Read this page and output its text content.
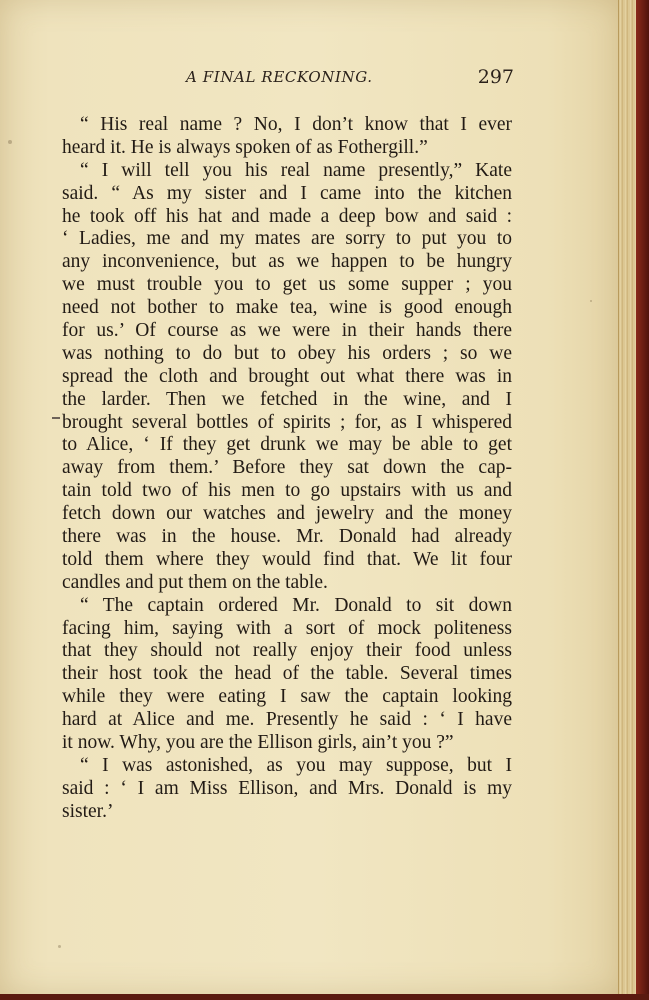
A FINAL RECKONING.	297
“ His real name ? No, I don’t know that I ever
heard it. He is always spoken of as Fothergill.”
“ I will tell you his real name presently,” Kate
said. “ As my sister and I came into the kitchen
he took off his hat and made a deep bow and said :
‘ Ladies, me and my mates are sorry to put you to
any inconvenience, but as we happen to be hungry
we must trouble you to get us some supper ; you
need not bother to make tea, wine is good enough
for us.’ Of course as we were in their hands there
was nothing to do but to obey his orders ; so we
spread the cloth and brought out what there was in
the larder. Then we fetched in the wine, and I
brought several bottles of spirits ; for, as I whispered
to Alice, ‘ If they get drunk we may be able to get
away from them.’ Before they sat down the cap-
tain told two of his men to go upstairs with us and
fetch down our watches and jewelry and the money
there was in the house. Mr. Donald had already
told them where they would find that. We lit four
candles and put them on the table.
“ The captain ordered Mr. Donald to sit down
facing him, saying with a sort of mock politeness
that they should not really enjoy their food unless
their host took the head of the table. Several times
while they were eating I saw the captain looking
hard at Alice and me. Presently he said : ‘ I have
it now. Why, you are the Ellison girls, ain’t you ?”
“ I was astonished, as you may suppose, but I
said : ‘ I am Miss Ellison, and Mrs. Donald is my
sister.’
